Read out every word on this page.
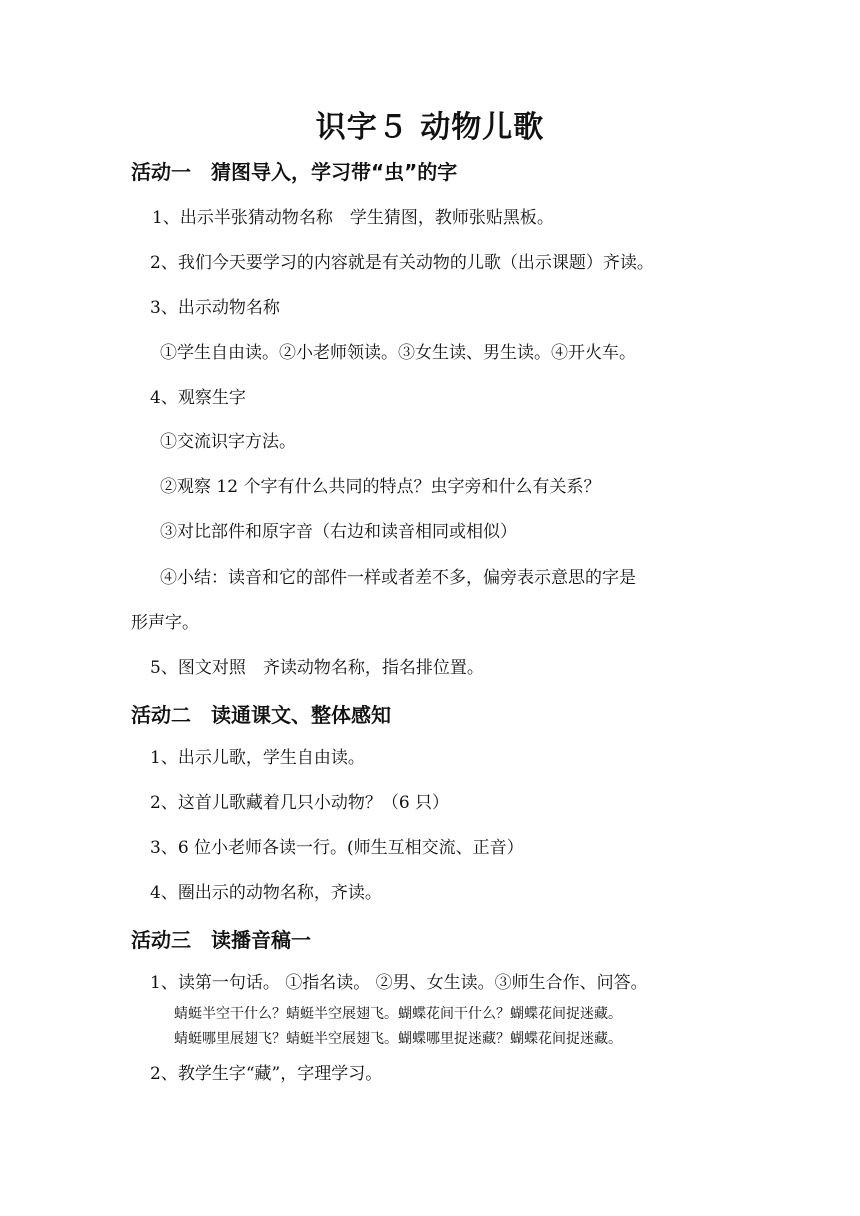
识字５ 动物儿歌
活动一　猜图导入，学习带“虫”的字
1、出示半张猜动物名称　学生猜图，教师张贴黑板。
2、我们今天要学习的内容就是有关动物的儿歌（出示课题）齐读。
3、出示动物名称
①学生自由读。②小老师领读。③女生读、男生读。④开火车。
4、观察生字
①交流识字方法。
②观察 12 个字有什么共同的特点？虫字旁和什么有关系？
③对比部件和原字音（右边和读音相同或相似）
④小结：读音和它的部件一样或者差不多，偏旁表示意思的字是
形声字。
5、图文对照　齐读动物名称，指名排位置。
活动二　读通课文、整体感知
1、出示儿歌，学生自由读。
2、这首儿歌藏着几只小动物？（6 只）
3、6 位小老师各读一行。(师生互相交流、正音）
4、圈出示的动物名称，齐读。
活动三　读播音稿一
1、读第一句话。 ①指名读。 ②男、女生读。③师生合作、问答。
蜻蜓半空干什么？蜻蜓半空展翅飞。蝴蝶花间干什么？蝴蝶花间捉迷藏。
蜻蜓哪里展翅飞？蜻蜓半空展翅飞。蝴蝶哪里捉迷藏？蝴蝶花间捉迷藏。
2、教学生字“藏”，字理学习。
